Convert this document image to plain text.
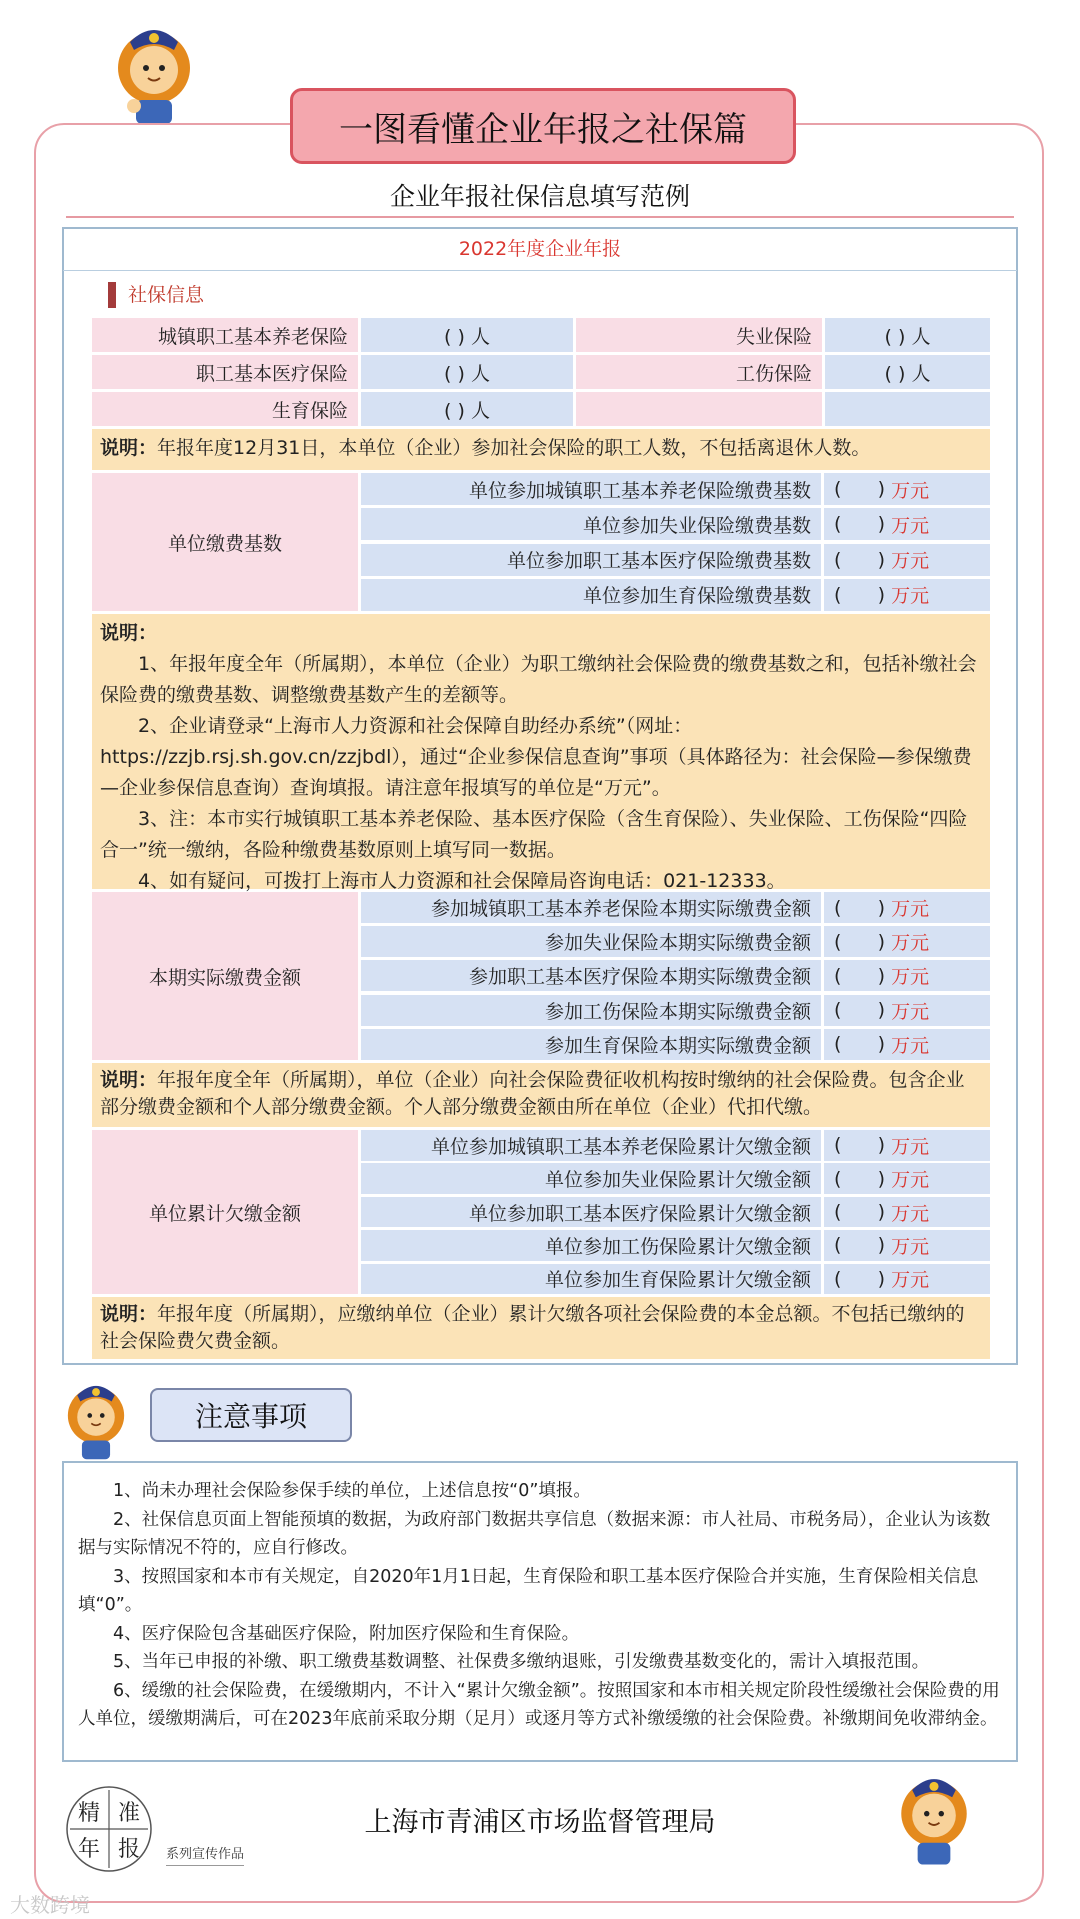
一图看懂企业年报之社保篇
企业年报社保信息填写范例
2022年度企业年报
社保信息
城镇职工基本养老保险	( ) 人	失业保险	( ) 人
职工基本医疗保险	( ) 人	工伤保险	( ) 人
生育保险	( ) 人
说明：年报年度12月31日，本单位（企业）参加社会保险的职工人数，不包括离退休人数。
单位缴费基数
单位参加城镇职工基本养老保险缴费基数	(      ) 万元
单位参加失业保险缴费基数	(      ) 万元
单位参加职工基本医疗保险缴费基数	(      ) 万元
单位参加生育保险缴费基数	(      ) 万元

说明：

1、年报年度全年（所属期），本单位（企业）为职工缴纳社会保险费的缴费基数之和，包括补缴社会保险费的缴费基数、调整缴费基数产生的差额等。

2、企业请登录“上海市人力资源和社会保障自助经办系统”（网址：https://zzjb.rsj.sh.gov.cn/zzjbdl），通过“企业参保信息查询”事项（具体路径为：社会保险—参保缴费—企业参保信息查询）查询填报。请注意年报填写的单位是“万元”。

3、注：本市实行城镇职工基本养老保险、基本医疗保险（含生育保险）、失业保险、工伤保险“四险合一”统一缴纳，各险种缴费基数原则上填写同一数据。

4、如有疑问，可拨打上海市人力资源和社会保障局咨询电话：021-12333。

本期实际缴费金额
参加城镇职工基本养老保险本期实际缴费金额	(      ) 万元
参加失业保险本期实际缴费金额	(      ) 万元
参加职工基本医疗保险本期实际缴费金额	(      ) 万元
参加工伤保险本期实际缴费金额	(      ) 万元
参加生育保险本期实际缴费金额	(      ) 万元
说明：年报年度全年（所属期），单位（企业）向社会保险费征收机构按时缴纳的社会保险费。包含企业部分缴费金额和个人部分缴费金额。个人部分缴费金额由所在单位（企业）代扣代缴。
单位累计欠缴金额
单位参加城镇职工基本养老保险累计欠缴金额	(      ) 万元
单位参加失业保险累计欠缴金额	(      ) 万元
单位参加职工基本医疗保险累计欠缴金额	(      ) 万元
单位参加工伤保险累计欠缴金额	(      ) 万元
单位参加生育保险累计欠缴金额	(      ) 万元
说明：年报年度（所属期），应缴纳单位（企业）累计欠缴各项社会保险费的本金总额。不包括已缴纳的社会保险费欠费金额。
注意事项

1、尚未办理社会保险参保手续的单位，上述信息按“0”填报。

2、社保信息页面上智能预填的数据，为政府部门数据共享信息（数据来源：市人社局、市税务局），企业认为该数据与实际情况不符的，应自行修改。

3、按照国家和本市有关规定，自2020年1月1日起，生育保险和职工基本医疗保险合并实施，生育保险相关信息填“0”。

4、医疗保险包含基础医疗保险，附加医疗保险和生育保险。

5、当年已申报的补缴、职工缴费基数调整、社保费多缴纳退账，引发缴费基数变化的，需计入填报范围。

6、缓缴的社会保险费，在缓缴期内，不计入“累计欠缴金额”。按照国家和本市相关规定阶段性缓缴社会保险费的用人单位，缓缴期满后，可在2023年底前采取分期（足月）或逐月等方式补缴缓缴的社会保险费。补缴期间免收滞纳金。

精 准
年 报 系列宣传作品
上海市青浦区市场监督管理局
大数跨境
